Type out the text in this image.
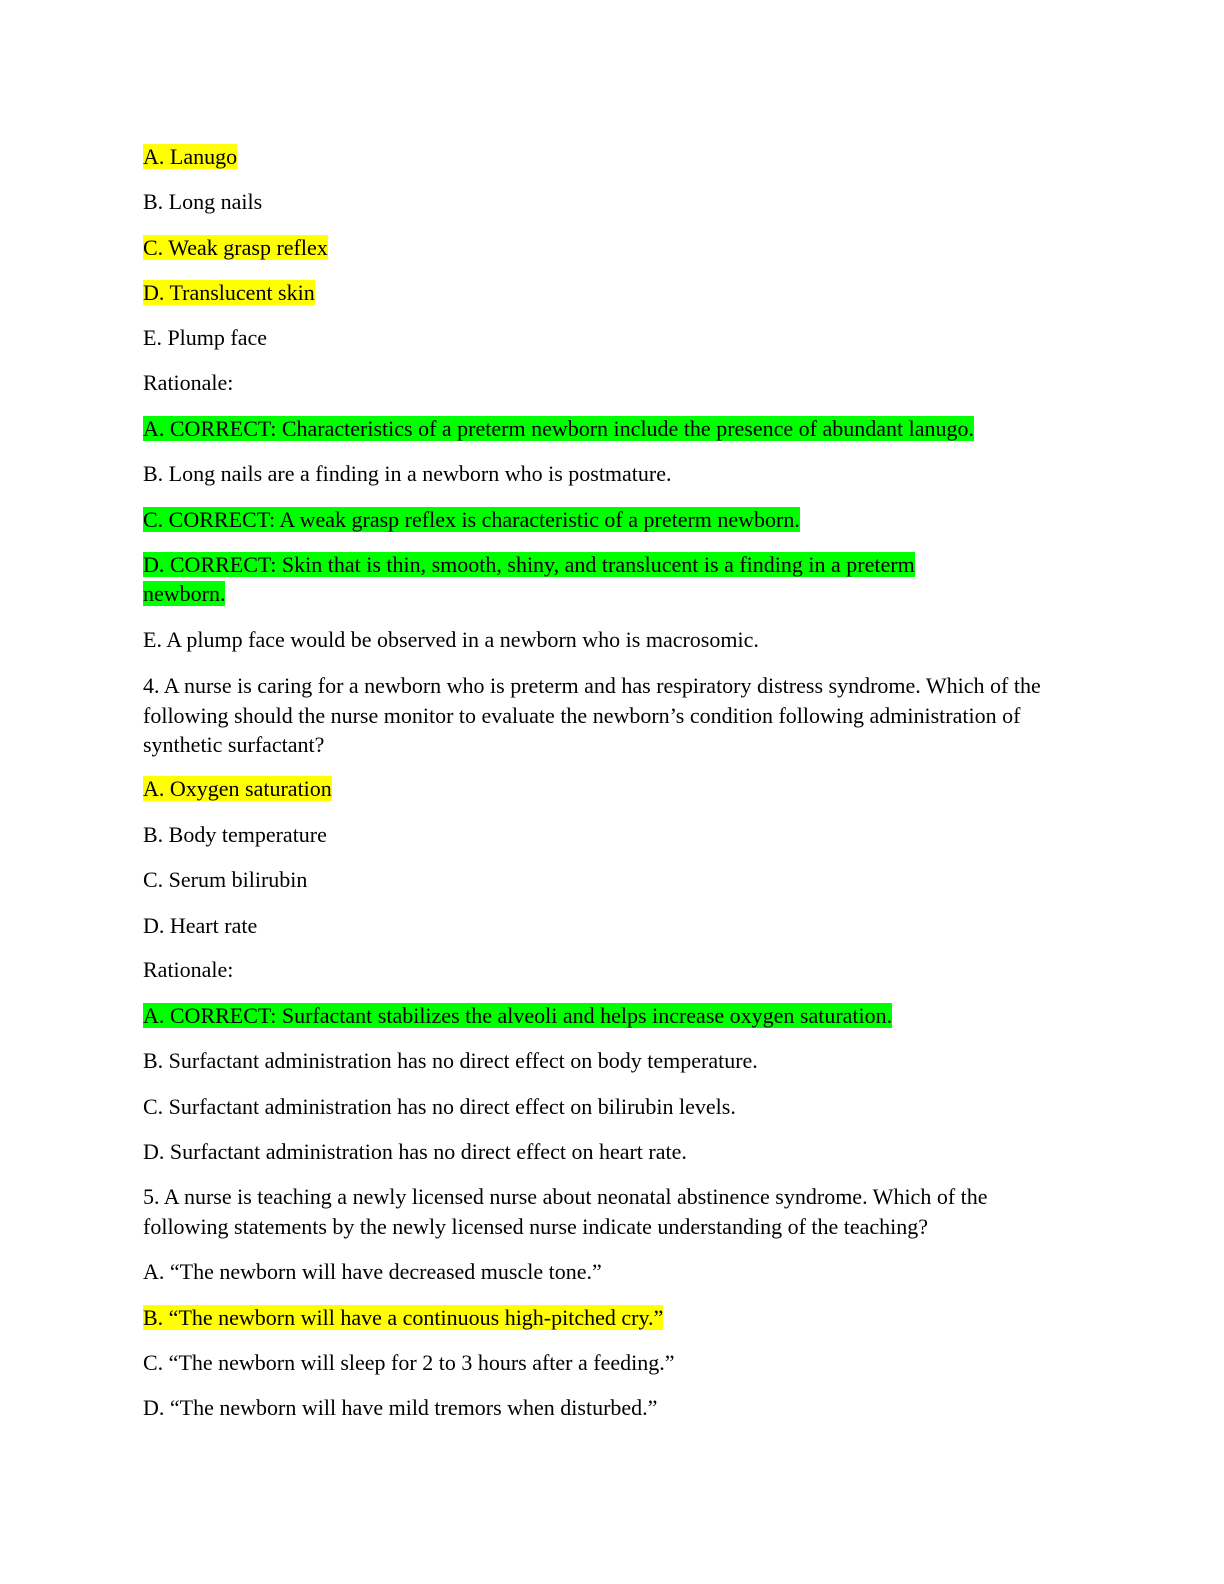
A. Lanugo
B. Long nails
C. Weak grasp reflex
D. Translucent skin
E. Plump face
Rationale:
A. CORRECT: Characteristics of a preterm newborn include the presence of abundant lanugo.
B. Long nails are a finding in a newborn who is postmature.
C. CORRECT: A weak grasp reflex is characteristic of a preterm newborn.
D. CORRECT: Skin that is thin, smooth, shiny, and translucent is a finding in a preterm
newborn.
E. A plump face would be observed in a newborn who is macrosomic.
4. A nurse is caring for a newborn who is preterm and has respiratory distress syndrome. Which of the following should the nurse monitor to evaluate the newborn’s condition following administration of synthetic surfactant?
A. Oxygen saturation
B. Body temperature
C. Serum bilirubin
D. Heart rate
Rationale:
A. CORRECT: Surfactant stabilizes the alveoli and helps increase oxygen saturation.
B. Surfactant administration has no direct effect on body temperature.
C. Surfactant administration has no direct effect on bilirubin levels.
D. Surfactant administration has no direct effect on heart rate.
5. A nurse is teaching a newly licensed nurse about neonatal abstinence syndrome. Which of the following statements by the newly licensed nurse indicate understanding of the teaching?
A. “The newborn will have decreased muscle tone.”
B. “The newborn will have a continuous high-pitched cry.”
C. “The newborn will sleep for 2 to 3 hours after a feeding.”
D. “The newborn will have mild tremors when disturbed.”
